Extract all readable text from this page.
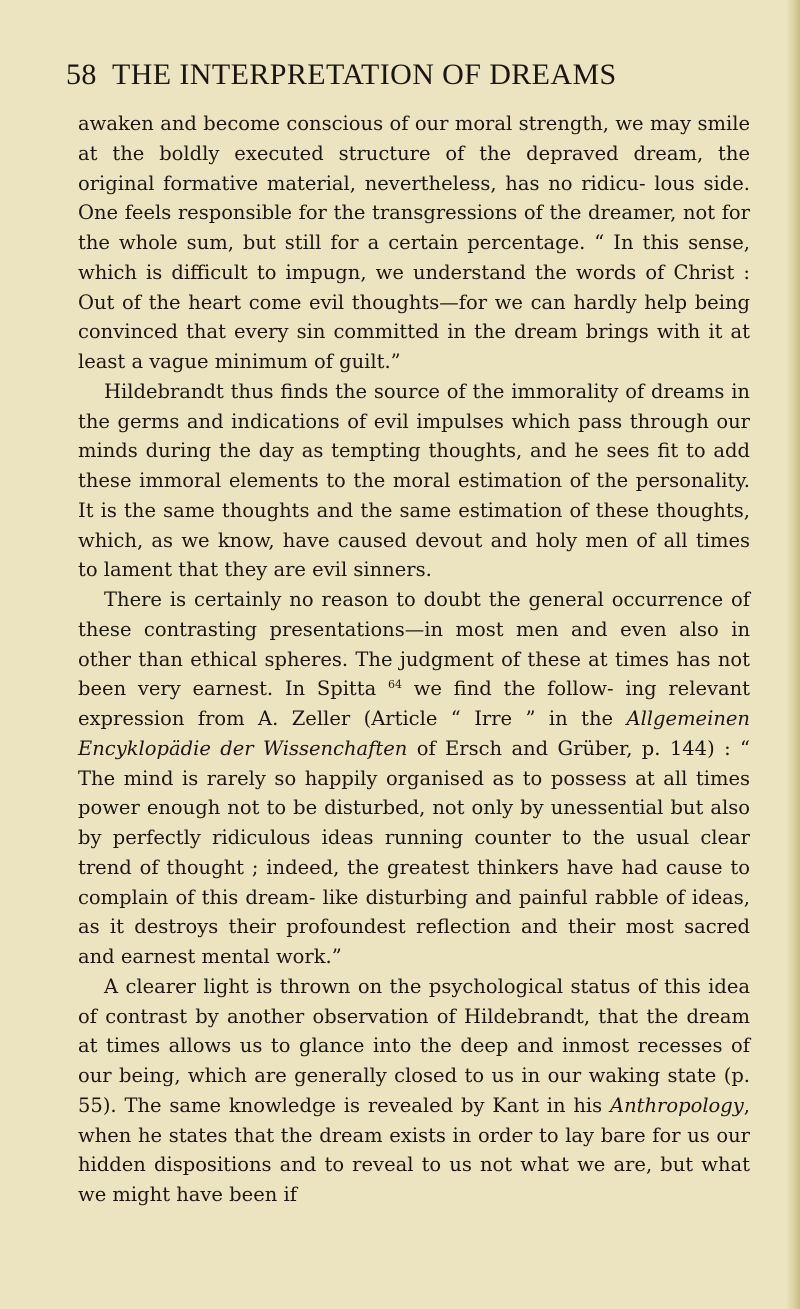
58 THE INTERPRETATION OF DREAMS

awaken and become conscious of our moral strength, we may smile at the boldly executed structure of the depraved dream, the original formative material, nevertheless, has no ridicu- lous side. One feels responsible for the transgressions of the dreamer, not for the whole sum, but still for a certain percentage. “ In this sense, which is difficult to impugn, we understand the words of Christ : Out of the heart come evil thoughts—for we can hardly help being convinced that every sin committed in the dream brings with it at least a vague minimum of guilt.”

Hildebrandt thus finds the source of the immorality of dreams in the germs and indications of evil impulses which pass through our minds during the day as tempting thoughts, and he sees fit to add these immoral elements to the moral estimation of the personality. It is the same thoughts and the same estimation of these thoughts, which, as we know, have caused devout and holy men of all times to lament that they are evil sinners.

There is certainly no reason to doubt the general occurrence of these contrasting presentations—in most men and even also in other than ethical spheres. The judgment of these at times has not been very earnest. In Spitta $^{64}$ we find the follow- ing relevant expression from A. Zeller (Article “ Irre ” in the Allgemeinen Encyklopädie der Wissenchaften of Ersch and Grüber, p. 144) : “ The mind is rarely so happily organised as to possess at all times power enough not to be disturbed, not only by unessential but also by perfectly ridiculous ideas running counter to the usual clear trend of thought ; indeed, the greatest thinkers have had cause to complain of this dream- like disturbing and painful rabble of ideas, as it destroys their profoundest reflection and their most sacred and earnest mental work.”

A clearer light is thrown on the psychological status of this idea of contrast by another observation of Hildebrandt, that the dream at times allows us to glance into the deep and inmost recesses of our being, which are generally closed to us in our waking state (p. 55). The same knowledge is revealed by Kant in his Anthropology, when he states that the dream exists in order to lay bare for us our hidden dispositions and to reveal to us not what we are, but what we might have been if
